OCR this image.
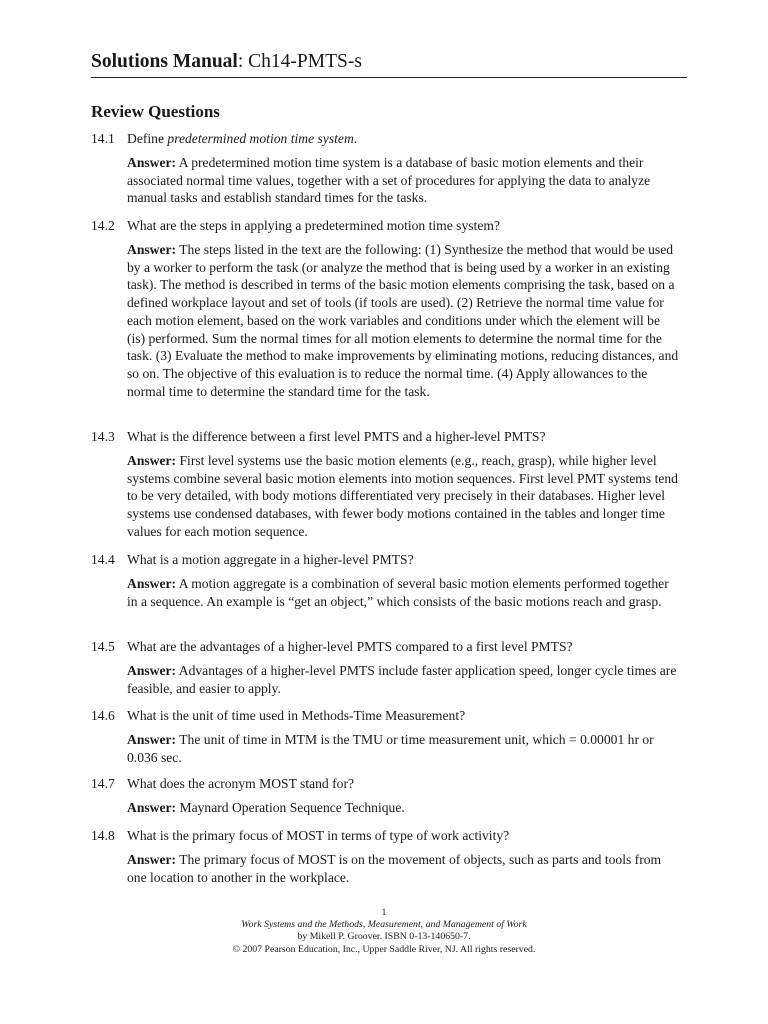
Solutions Manual: Ch14-PMTS-s
Review Questions
14.1 Define predetermined motion time system.
Answer: A predetermined motion time system is a database of basic motion elements and their associated normal time values, together with a set of procedures for applying the data to analyze manual tasks and establish standard times for the tasks.
14.2 What are the steps in applying a predetermined motion time system?
Answer: The steps listed in the text are the following: (1) Synthesize the method that would be used by a worker to perform the task (or analyze the method that is being used by a worker in an existing task). The method is described in terms of the basic motion elements comprising the task, based on a defined workplace layout and set of tools (if tools are used). (2) Retrieve the normal time value for each motion element, based on the work variables and conditions under which the element will be (is) performed. Sum the normal times for all motion elements to determine the normal time for the task. (3) Evaluate the method to make improvements by eliminating motions, reducing distances, and so on. The objective of this evaluation is to reduce the normal time. (4) Apply allowances to the normal time to determine the standard time for the task.
14.3 What is the difference between a first level PMTS and a higher-level PMTS?
Answer: First level systems use the basic motion elements (e.g., reach, grasp), while higher level systems combine several basic motion elements into motion sequences. First level PMT systems tend to be very detailed, with body motions differentiated very precisely in their databases. Higher level systems use condensed databases, with fewer body motions contained in the tables and longer time values for each motion sequence.
14.4 What is a motion aggregate in a higher-level PMTS?
Answer: A motion aggregate is a combination of several basic motion elements performed together in a sequence. An example is “get an object,” which consists of the basic motions reach and grasp.
14.5 What are the advantages of a higher-level PMTS compared to a first level PMTS?
Answer: Advantages of a higher-level PMTS include faster application speed, longer cycle times are feasible, and easier to apply.
14.6 What is the unit of time used in Methods-Time Measurement?
Answer: The unit of time in MTM is the TMU or time measurement unit, which = 0.00001 hr or 0.036 sec.
14.7 What does the acronym MOST stand for?
Answer: Maynard Operation Sequence Technique.
14.8 What is the primary focus of MOST in terms of type of work activity?
Answer: The primary focus of MOST is on the movement of objects, such as parts and tools from one location to another in the workplace.
1
Work Systems and the Methods, Measurement, and Management of Work
by Mikell P. Groover. ISBN 0-13-140650-7.
© 2007 Pearson Education, Inc., Upper Saddle River, NJ. All rights reserved.
